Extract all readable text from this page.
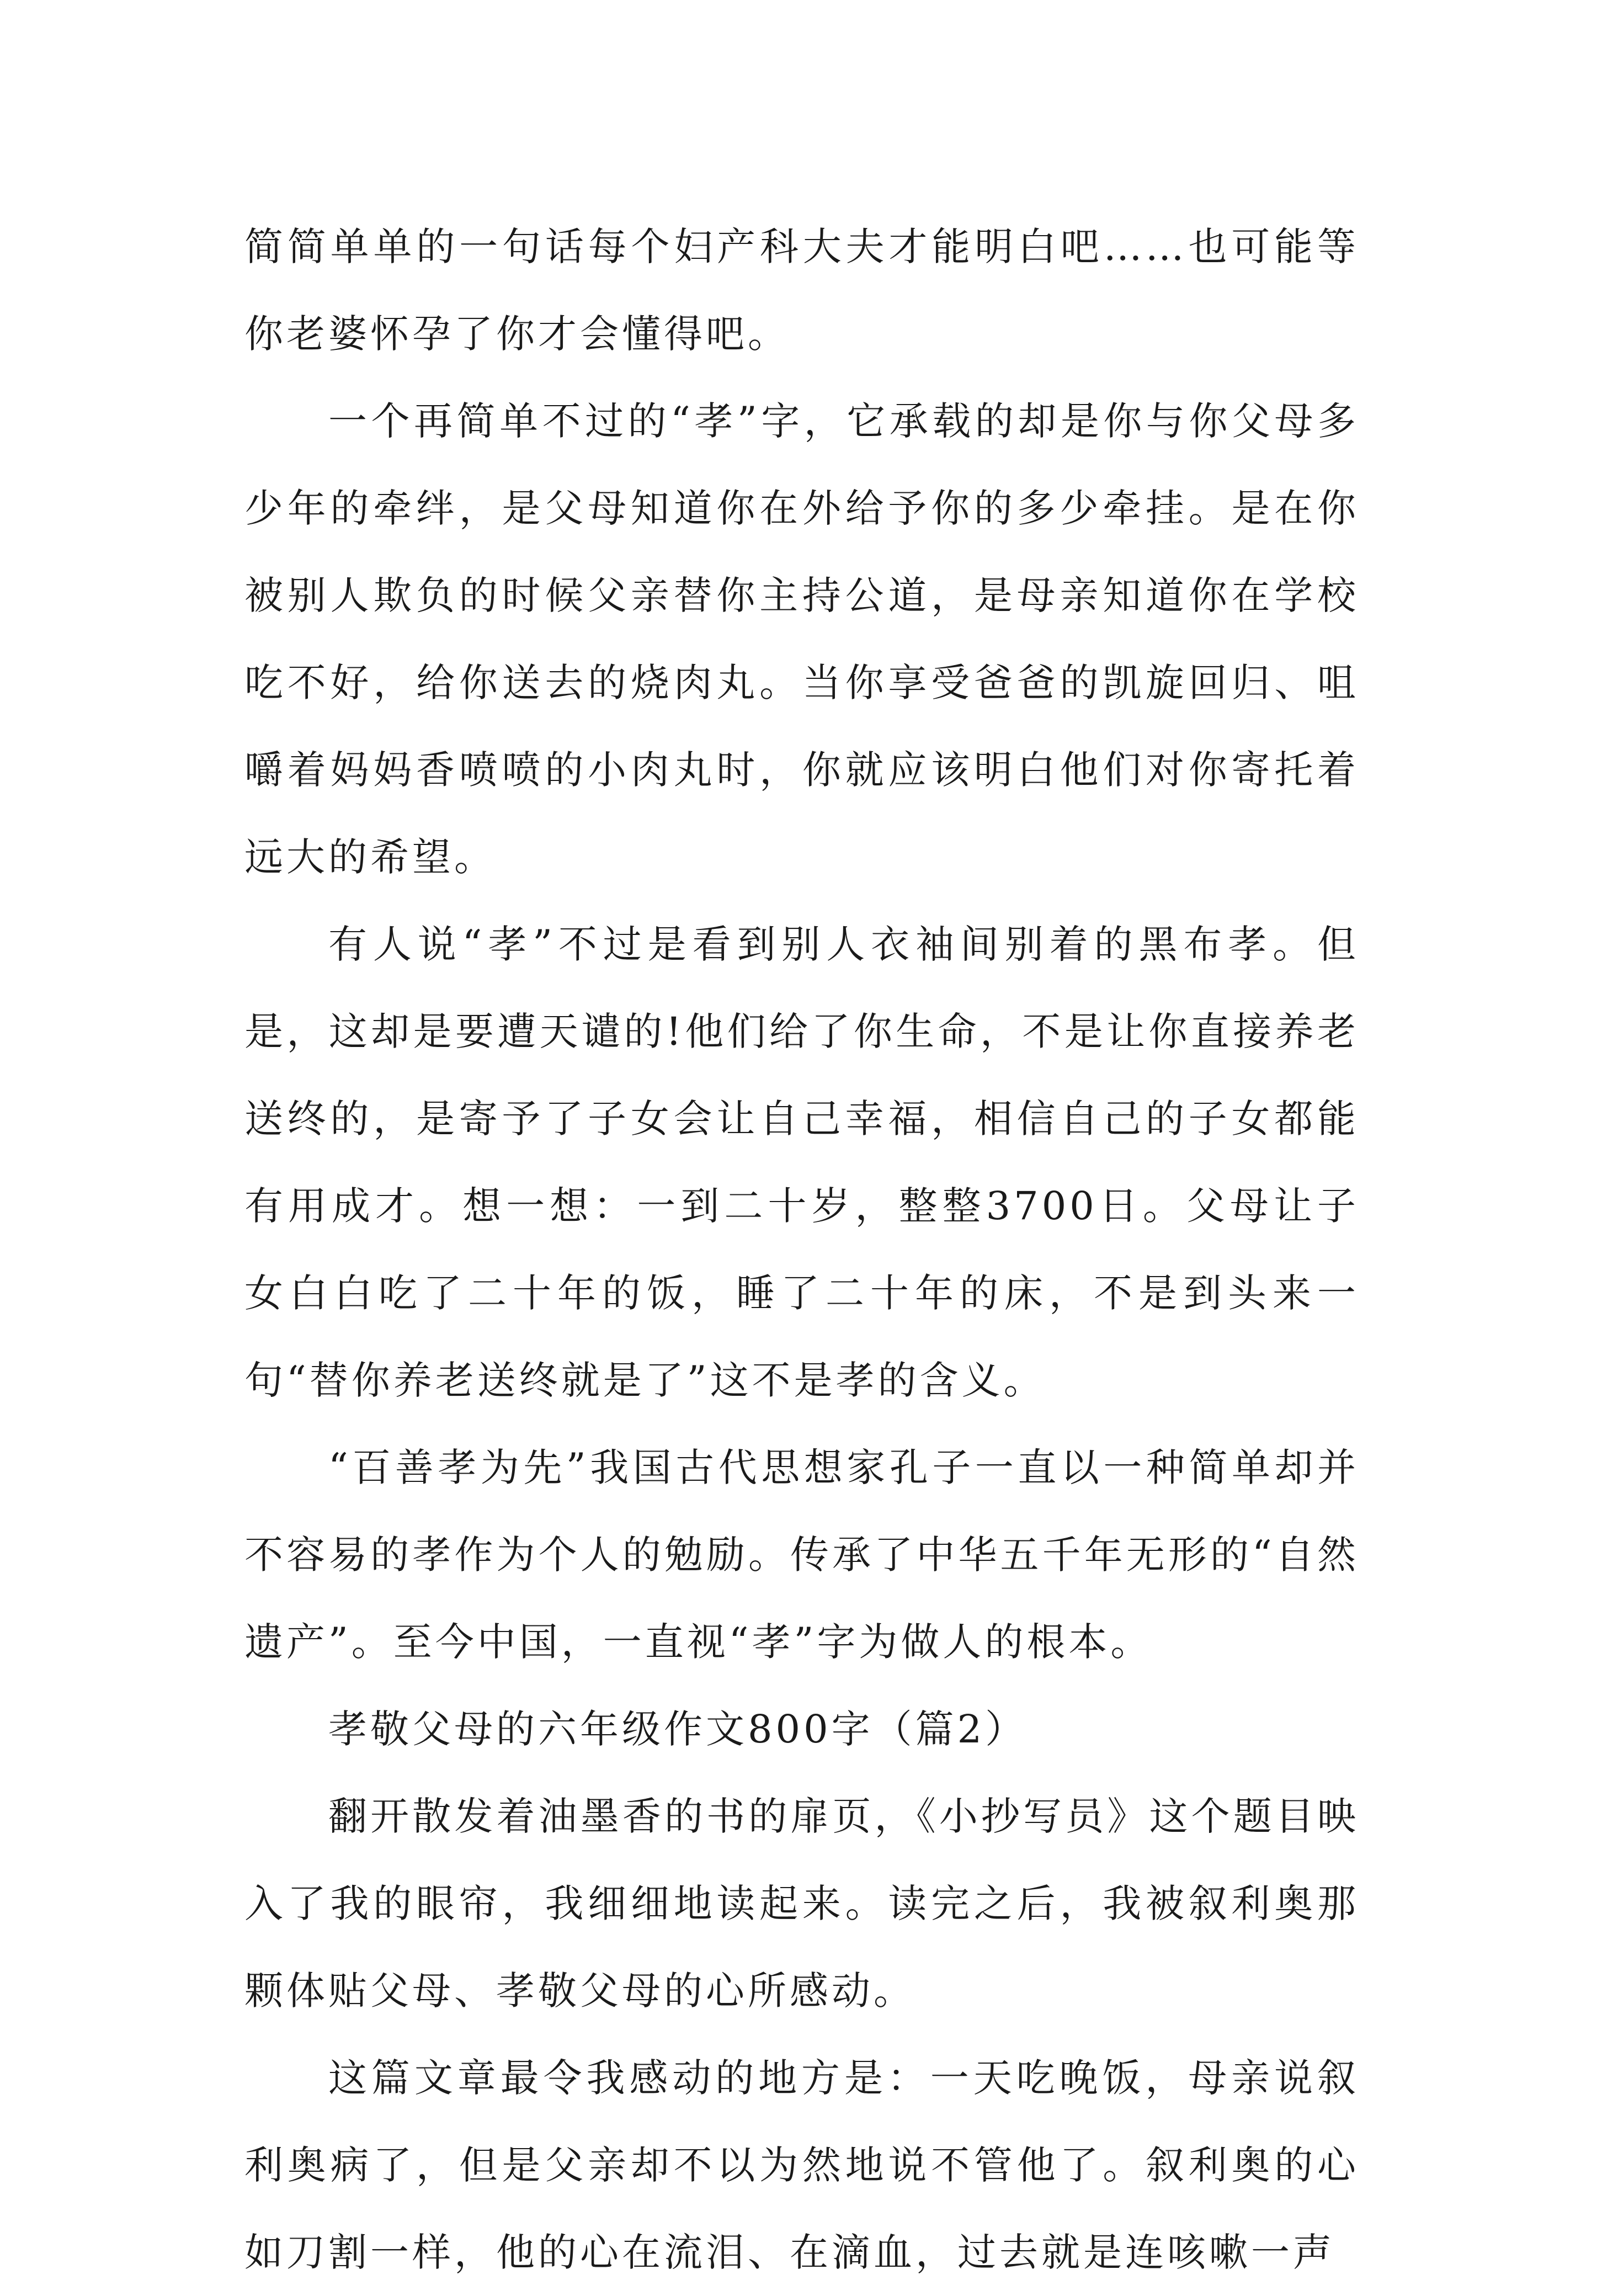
简简单单的一句话每个妇产科大夫才能明白吧……也可能等你老婆怀孕了你才会懂得吧。

一个再简单不过的“孝”字，它承载的却是你与你父母多少年的牵绊，是父母知道你在外给予你的多少牵挂。是在你被别人欺负的时候父亲替你主持公道，是母亲知道你在学校吃不好，给你送去的烧肉丸。当你享受爸爸的凯旋回归、咀嚼着妈妈香喷喷的小肉丸时，你就应该明白他们对你寄托着远大的希望。

有人说“孝”不过是看到别人衣袖间别着的黑布孝。但是，这却是要遭天谴的!他们给了你生命，不是让你直接养老送终的，是寄予了子女会让自己幸福，相信自己的子女都能有用成才。想一想：一到二十岁，整整3700日。父母让子女白白吃了二十年的饭，睡了二十年的床，不是到头来一句“替你养老送终就是了”这不是孝的含义。

“百善孝为先”我国古代思想家孔子一直以一种简单却并不容易的孝作为个人的勉励。传承了中华五千年无形的“自然遗产”。至今中国，一直视“孝”字为做人的根本。

孝敬父母的六年级作文800字（篇2）

翻开散发着油墨香的书的扉页，《小抄写员》这个题目映入了我的眼帘，我细细地读起来。读完之后，我被叙利奥那颗体贴父母、孝敬父母的心所感动。

这篇文章最令我感动的地方是：一天吃晚饭，母亲说叙利奥病了，但是父亲却不以为然地说不管他了。叙利奥的心如刀割一样，他的心在流泪、在滴血，过去就是连咳嗽一声
